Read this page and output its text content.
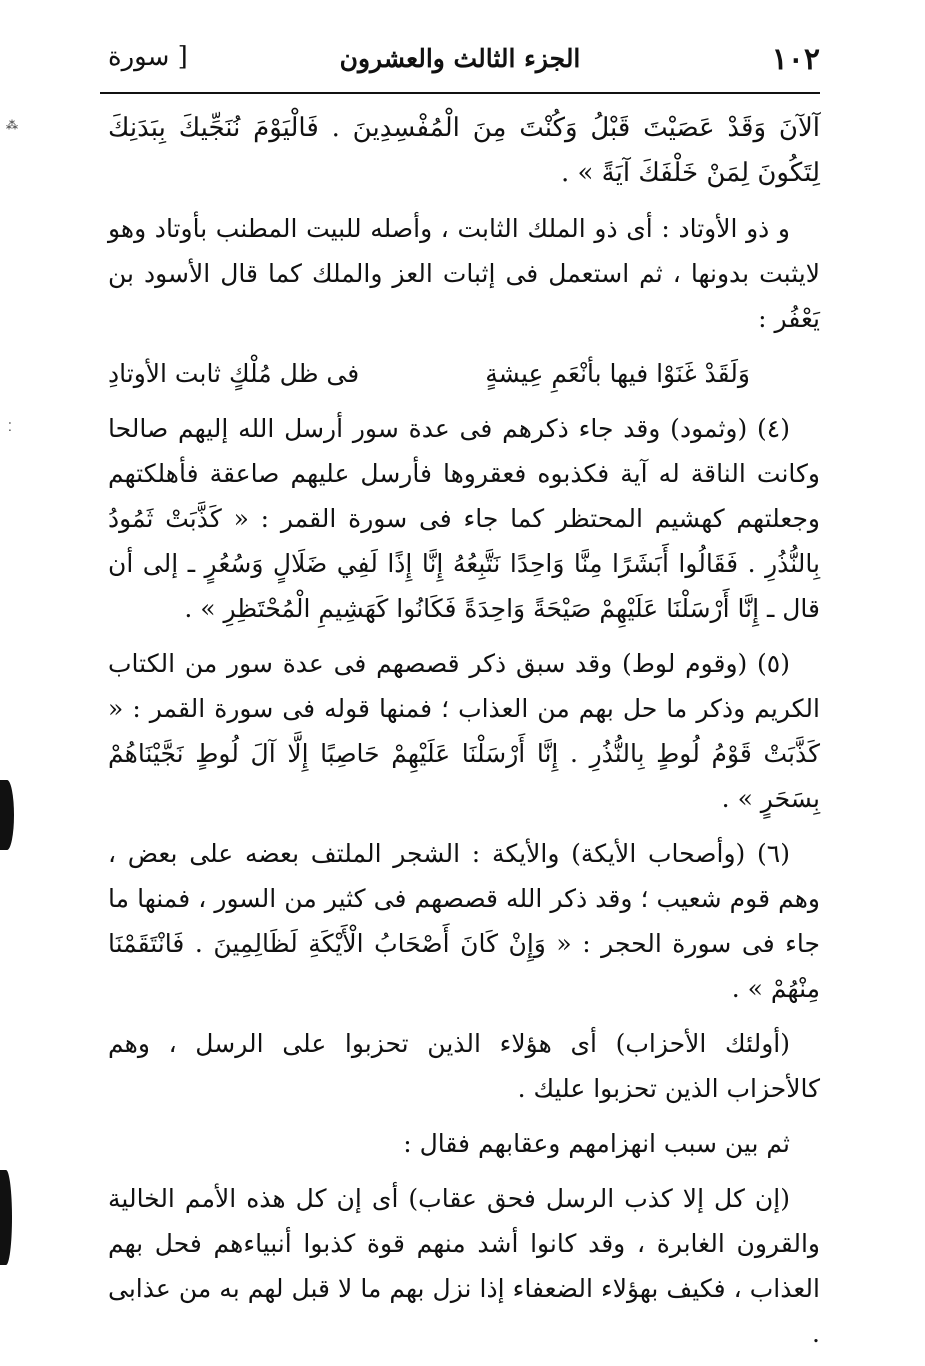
١٠٢
الجزء الثالث والعشرون
[ سورة

آلآنَ وَقَدْ عَصَيْتَ قَبْلُ وَكُنْتَ مِنَ الْمُفْسِدِينَ . فَالْيَوْمَ نُنَجِّيكَ بِبَدَنِكَ لِتَكُونَ لِمَنْ خَلْفَكَ آيَةً » .

و ذو الأوتاد : أى ذو الملك الثابت ، وأصله للبيت المطنب بأوتاد وهو لايثبت بدونها ، ثم استعمل فى إثبات العز والملك كما قال الأسود بن يَعْفُر :

وَلَقَدْ غَنَوْا فيها بأنْعَمِ عِيشةٍ
فى ظل مُلْكٍ ثابت الأوتادِ

(٤) (وثمود) وقد جاء ذكرهم فى عدة سور أرسل الله إليهم صالحا وكانت الناقة له آية فكذبوه فعقروها فأرسل عليهم صاعقة فأهلكتهم وجعلتهم كهشيم المحتظر كما جاء فى سورة القمر : « كَذَّبَتْ ثَمُودُ بِالنُّذُرِ . فَقَالُوا أَبَشَرًا مِنَّا وَاحِدًا نَتَّبِعُهُ إِنَّا إِذًا لَفِي ضَلَالٍ وَسُعُرٍ ـ إلى أن قال ـ إِنَّا أَرْسَلْنَا عَلَيْهِمْ صَيْحَةً وَاحِدَةً فَكَانُوا كَهَشِيمِ الْمُحْتَظِرِ » .

(٥) (وقوم لوط) وقد سبق ذكر قصصهم فى عدة سور من الكتاب الكريم وذكر ما حل بهم من العذاب ؛ فمنها قوله فى سورة القمر : « كَذَّبَتْ قَوْمُ لُوطٍ بِالنُّذُرِ . إِنَّا أَرْسَلْنَا عَلَيْهِمْ حَاصِبًا إِلَّا آلَ لُوطٍ نَجَّيْنَاهُمْ بِسَحَرٍ » .

(٦) (وأصحاب الأيكة) والأيكة : الشجر الملتف بعضه على بعض ، وهم قوم شعيب ؛ وقد ذكر الله قصصهم فى كثير من السور ، فمنها ما جاء فى سورة الحجر : « وَإِنْ كَانَ أَصْحَابُ الْأَيْكَةِ لَظَالِمِينَ . فَانْتَقَمْنَا مِنْهُمْ » .

(أولئك الأحزاب) أى هؤلاء الذين تحزبوا على الرسل ، وهم كالأحزاب الذين تحزبوا عليك .

ثم بين سبب انهزامهم وعقابهم فقال :

(إن كل إلا كذب الرسل فحق عقاب) أى إن كل هذه الأمم الخالية والقرون الغابرة ، وقد كانوا أشد منهم قوة كذبوا أنبياءهم فحل بهم العذاب ، فكيف بهؤلاء الضعفاء إذا نزل بهم ما لا قبل لهم به من عذابى .

⁂
⁚
